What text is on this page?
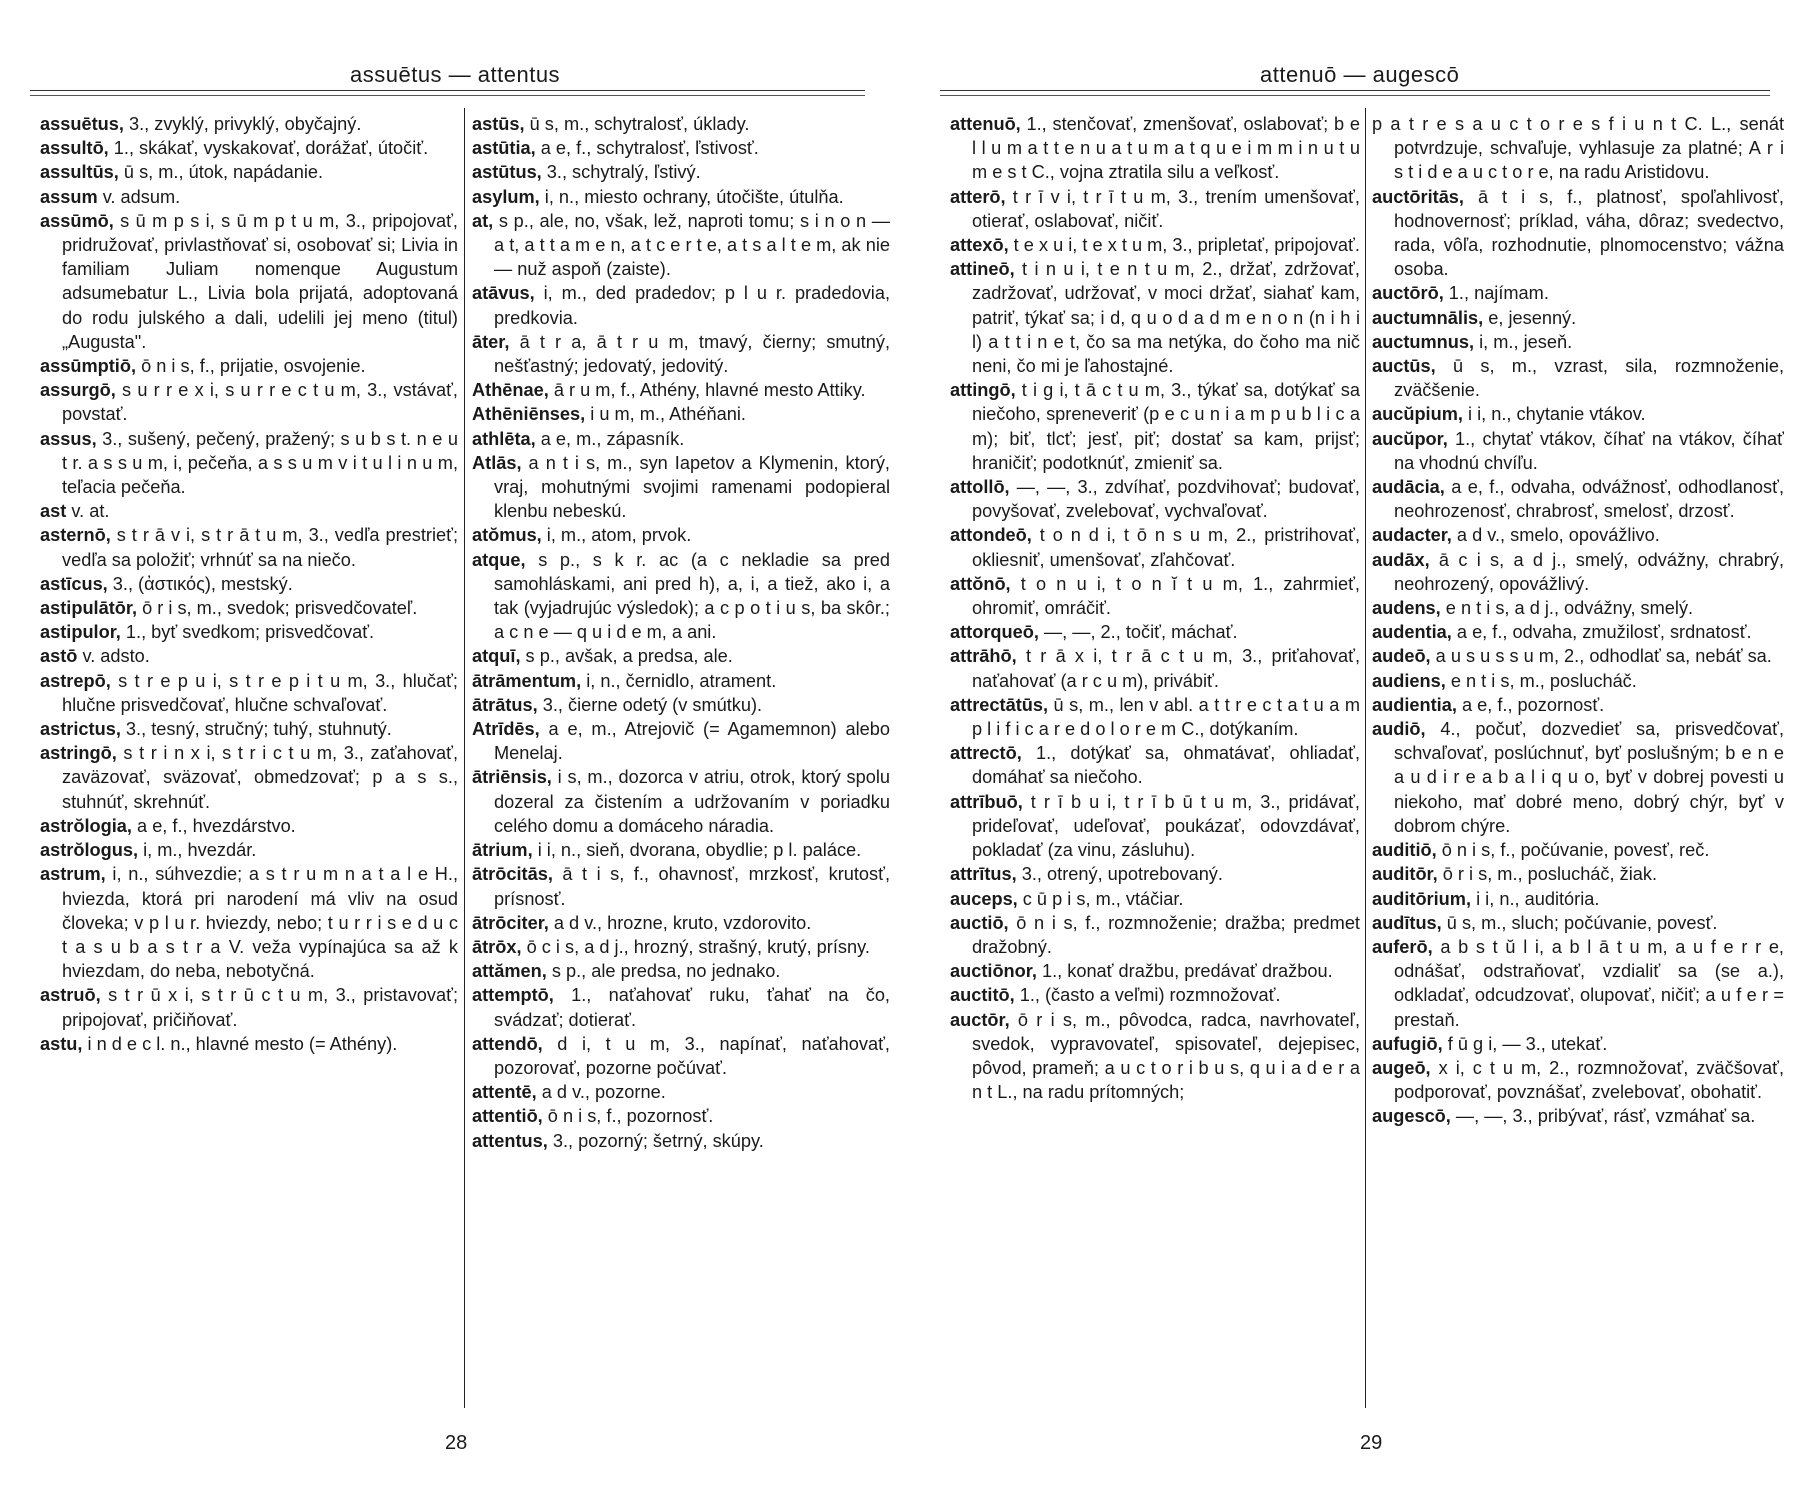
assuētus — attentus

assuētus, 3., zvyklý, privyklý, obyčajný.

assultō, 1., skákať, vyskakovať, dorážať, útočiť.

assultūs, ū s, m., útok, napádanie.

assum v. adsum.

assūmō, s ū m p s i, s ū m p t u m, 3., pripojovať, pridružovať, privlastňovať si, osobovať si; Livia in familiam Juliam nomenque Augustum adsumebatur L., Livia bola prijatá, adoptovaná do rodu julského a dali, udelili jej meno (titul) „Augusta".

assūmptiō, ō n i s, f., prijatie, osvojenie.

assurgō, s u r r e x i, s u r r e c t u m, 3., vstávať, povstať.

assus, 3., sušený, pečený, pražený; s u b s t. n e u t r. a s s u m, i, pečeňa, a s s u m v i t u l i n u m, teľacia pečeňa.

ast v. at.

asternō, s t r ā v i, s t r ā t u m, 3., vedľa prestrieť; vedľa sa položiť; vrhnúť sa na niečo.

astīcus, 3., (ἀστικός), mestský.

astipulātōr, ō r i s, m., svedok; prisvedčovateľ.

astipulor, 1., byť svedkom; prisvedčovať.

astō v. adsto.

astrepō, s t r e p u i, s t r e p i t u m, 3., hlučať; hlučne prisvedčovať, hlučne schvaľovať.

astrictus, 3., tesný, stručný; tuhý, stuhnutý.

astringō, s t r i n x i, s t r i c t u m, 3., zaťahovať, zaväzovať, sväzovať, obmedzovať; p a s s., stuhnúť, skrehnúť.

astrŏlogia, a e, f., hvezdárstvo.

astrŏlogus, i, m., hvezdár.

astrum, i, n., súhvezdie; a s t r u m n a t a l e H., hviezda, ktorá pri narodení má vliv na osud človeka; v p l u r. hviezdy, nebo; t u r r i s e d u c t a s u b a s t r a V. veža vypínajúca sa až k hviezdam, do neba, nebotyčná.

astruō, s t r ū x i, s t r ū c t u m, 3., pristavovať; pripojovať, pričiňovať.

astu, i n d e c l. n., hlavné mesto (= Athény).

astūs, ū s, m., schytralosť, úklady.

astūtia, a e, f., schytralosť, ľstivosť.

astūtus, 3., schytralý, ľstivý.

asylum, i, n., miesto ochrany, útočište, útulňa.

at, s p., ale, no, však, lež, naproti tomu; s i n o n — a t, a t t a m e n, a t c e r t e, a t s a l t e m, ak nie — nuž aspoň (zaiste).

atāvus, i, m., ded pradedov; p l u r. pradedovia, predkovia.

āter, ā t r a, ā t r u m, tmavý, čierny; smutný, nešťastný; jedovatý, jedovitý.

Athēnae, ā r u m, f., Athény, hlavné mesto Attiky.

Athēniēnses, i u m, m., Athéňani.

athlēta, a e, m., zápasník.

Atlās, a n t i s, m., syn Iapetov a Klymenin, ktorý, vraj, mohutnými svojimi ramenami podopieral klenbu nebeskú.

atŏmus, i, m., atom, prvok.

atque, s p., s k r. ac (a c nekladie sa pred samohláskami, ani pred h), a, i, a tiež, ako i, a tak (vyjadrujúc výsledok); a c p o t i u s, ba skôr.; a c n e — q u i d e m, a ani.

atquī, s p., avšak, a predsa, ale.

ātrāmentum, i, n., černidlo, atrament.

ātrātus, 3., čierne odetý (v smútku).

Atrīdēs, a e, m., Atrejovič (= Agamemnon) alebo Menelaj.

ātriēnsis, i s, m., dozorca v atriu, otrok, ktorý spolu dozeral za čistením a udržovaním v poriadku celého domu a domáceho náradia.

ātrium, i i, n., sieň, dvorana, obydlie; p l. paláce.

ātrōcitās, ā t i s, f., ohavnosť, mrzkosť, krutosť, prísnosť.

ātrōciter, a d v., hrozne, kruto, vzdorovito.

ātrōx, ō c i s, a d j., hrozný, strašný, krutý, prísny.

attămen, s p., ale predsa, no jednako.

attemptō, 1., naťahovať ruku, ťahať na čo, svádzať; dotierať.

attendō, d i, t u m, 3., napínať, naťahovať, pozorovať, pozorne počúvať.

attentē, a d v., pozorne.

attentiō, ō n i s, f., pozornosť.

attentus, 3., pozorný; šetrný, skúpy.

28
attenuō — augescō

attenuō, 1., stenčovať, zmenšovať, oslabovať; b e l l u m a t t e n u a t u m a t q u e i m m i n u t u m e s t C., vojna ztratila silu a veľkosť.

atterō, t r ī v i, t r ī t u m, 3., trením umenšovať, otierať, oslabovať, ničiť.

attexō, t e x u i, t e x t u m, 3., pripletať, pripojovať.

attineō, t i n u i, t e n t u m, 2., držať, zdržovať, zadržovať, udržovať, v moci držať, siahať kam, patriť, týkať sa; i d, q u o d a d m e n o n (n i h i l) a t t i n e t, čo sa ma netýka, do čoho ma nič neni, čo mi je ľahostajné.

attingō, t i g i, t ā c t u m, 3., týkať sa, dotýkať sa niečoho, spreneveriť (p e c u n i a m p u b l i c a m); biť, tlcť; jesť, piť; dostať sa kam, prijsť; hraničiť; podotknúť, zmieniť sa.

attollō, —, —, 3., zdvíhať, pozdvihovať; budovať, povyšovať, zvelebovať, vychvaľovať.

attondeō, t o n d i, t ō n s u m, 2., pristrihovať, okliesniť, umenšovať, zľahčovať.

attŏnō, t o n u i, t o n ĭ t u m, 1., zahrmieť, ohromiť, omráčiť.

attorqueō, —, —, 2., točiť, máchať.

attrāhō, t r ā x i, t r ā c t u m, 3., priťahovať, naťahovať (a r c u m), privábiť.

attrectātūs, ū s, m., len v abl. a t t r e c t a t u a m p l i f i c a r e d o l o r e m C., dotýkaním.

attrectō, 1., dotýkať sa, ohmatávať, ohliadať, domáhať sa niečoho.

attrībuō, t r ī b u i, t r ī b ū t u m, 3., pridávať, prideľovať, udeľovať, poukázať, odovzdávať, pokladať (za vinu, zásluhu).

attrītus, 3., otrený, upotrebovaný.

auceps, c ū p i s, m., vtáčiar.

auctiō, ō n i s, f., rozmnoženie; dražba; predmet dražobný.

auctiōnor, 1., konať dražbu, predávať dražbou.

auctitō, 1., (často a veľmi) rozmnožovať.

auctōr, ō r i s, m., pôvodca, radca, navrhovateľ, svedok, vypravovateľ, spisovateľ, dejepisec, pôvod, prameň; a u c t o r i b u s, q u i a d e r a n t L., na radu prítomných;

p a t r e s a u c t o r e s f i u n t C. L., senát potvrdzuje, schvaľuje, vyhlasuje za platné; A r i s t i d e a u c t o r e, na radu Aristidovu.

auctōritās, ā t i s, f., platnosť, spoľahlivosť, hodnovernosť; príklad, váha, dôraz; svedectvo, rada, vôľa, rozhodnutie, plnomocenstvo; vážna osoba.

auctōrō, 1., najímam.

auctumnālis, e, jesenný.

auctumnus, i, m., jeseň.

auctūs, ū s, m., vzrast, sila, rozmnoženie, zväčšenie.

aucŭpium, i i, n., chytanie vtákov.

aucŭpor, 1., chytať vtákov, číhať na vtákov, číhať na vhodnú chvíľu.

audācia, a e, f., odvaha, odvážnosť, odhodlanosť, neohrozenosť, chrabrosť, smelosť, drzosť.

audacter, a d v., smelo, opovážlivo.

audāx, ā c i s, a d j., smelý, odvážny, chrabrý, neohrozený, opovážlivý.

audens, e n t i s, a d j., odvážny, smelý.

audentia, a e, f., odvaha, zmužilosť, srdnatosť.

audeō, a u s u s s u m, 2., odhodlať sa, nebáť sa.

audiens, e n t i s, m., poslucháč.

audientia, a e, f., pozornosť.

audiō, 4., počuť, dozvedieť sa, prisvedčovať, schvaľovať, poslúchnuť, byť poslušným; b e n e a u d i r e a b a l i q u o, byť v dobrej povesti u niekoho, mať dobré meno, dobrý chýr, byť v dobrom chýre.

auditiō, ō n i s, f., počúvanie, povesť, reč.

auditōr, ō r i s, m., poslucháč, žiak.

auditōrium, i i, n., auditória.

audītus, ū s, m., sluch; počúvanie, povesť.

auferō, a b s t ŭ l i, a b l ā t u m, a u f e r r e, odnášať, odstraňovať, vzdialiť sa (se a.), odkladať, odcudzovať, olupovať, ničiť; a u f e r = prestaň.

aufugiō, f ū g i, — 3., utekať.

augeō, x i, c t u m, 2., rozmnožovať, zväčšovať, podporovať, povznášať, zvelebovať, obohatiť.

augescō, —, —, 3., pribývať, rásť, vzmáhať sa.

29
